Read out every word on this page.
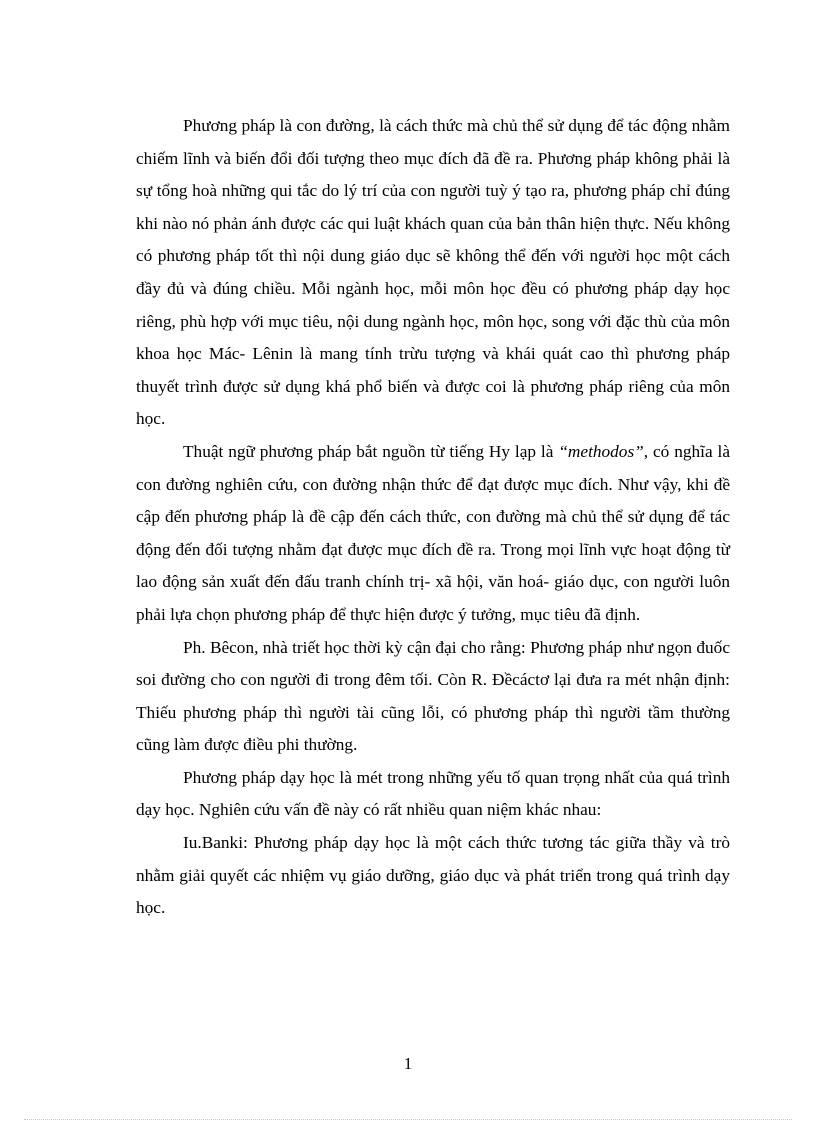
Phương pháp là con đường, là cách thức mà chủ thể sử dụng để tác động nhằm chiếm lĩnh và biến đổi đối tượng theo mục đích đã đề ra. Phương pháp không phải là sự tổng hoà những qui tắc do lý trí của con người tuỳ ý tạo ra, phương pháp chỉ đúng khi nào nó phản ánh được các qui luật khách quan của bản thân hiện thực. Nếu không có phương pháp tốt thì nội dung giáo dục sẽ không thể đến với người học một cách đầy đủ và đúng chiều. Mỗi ngành học, mỗi môn học đều có phương pháp dạy học riêng, phù hợp với mục tiêu, nội dung ngành học, môn học, song với đặc thù của môn khoa học Mác- Lênin là mang tính trừu tượng và khái quát cao thì phương pháp thuyết trình được sử dụng khá phổ biến và được coi là phương pháp riêng của môn học.

Thuật ngữ phương pháp bắt nguồn từ tiếng Hy lạp là “methodos”, có nghĩa là con đường nghiên cứu, con đường nhận thức để đạt được mục đích. Như vậy, khi đề cập đến phương pháp là đề cập đến cách thức, con đường mà chủ thể sử dụng để tác động đến đối tượng nhằm đạt được mục đích đề ra. Trong mọi lĩnh vực hoạt động từ lao động sản xuất đến đấu tranh chính trị- xã hội, văn hoá- giáo dục, con người luôn phải lựa chọn phương pháp để thực hiện được ý tưởng, mục tiêu đã định.

Ph. Bêcon, nhà triết học thời kỳ cận đại cho rằng: Phương pháp như ngọn đuốc soi đường cho con người đi trong đêm tối. Còn R. Đềcáctơ lại đưa ra mét nhận định: Thiếu phương pháp thì người tài cũng lỗi, có phương pháp thì người tầm thường cũng làm được điều phi thường.

Phương pháp dạy học là mét trong những yếu tố quan trọng nhất của quá trình dạy học. Nghiên cứu vấn đề này có rất nhiều quan niệm khác nhau:

Iu.Banki: Phương pháp dạy học là một cách thức tương tác giữa thầy và trò nhằm giải quyết các nhiệm vụ giáo dưỡng, giáo dục và phát triển trong quá trình dạy học.

1
